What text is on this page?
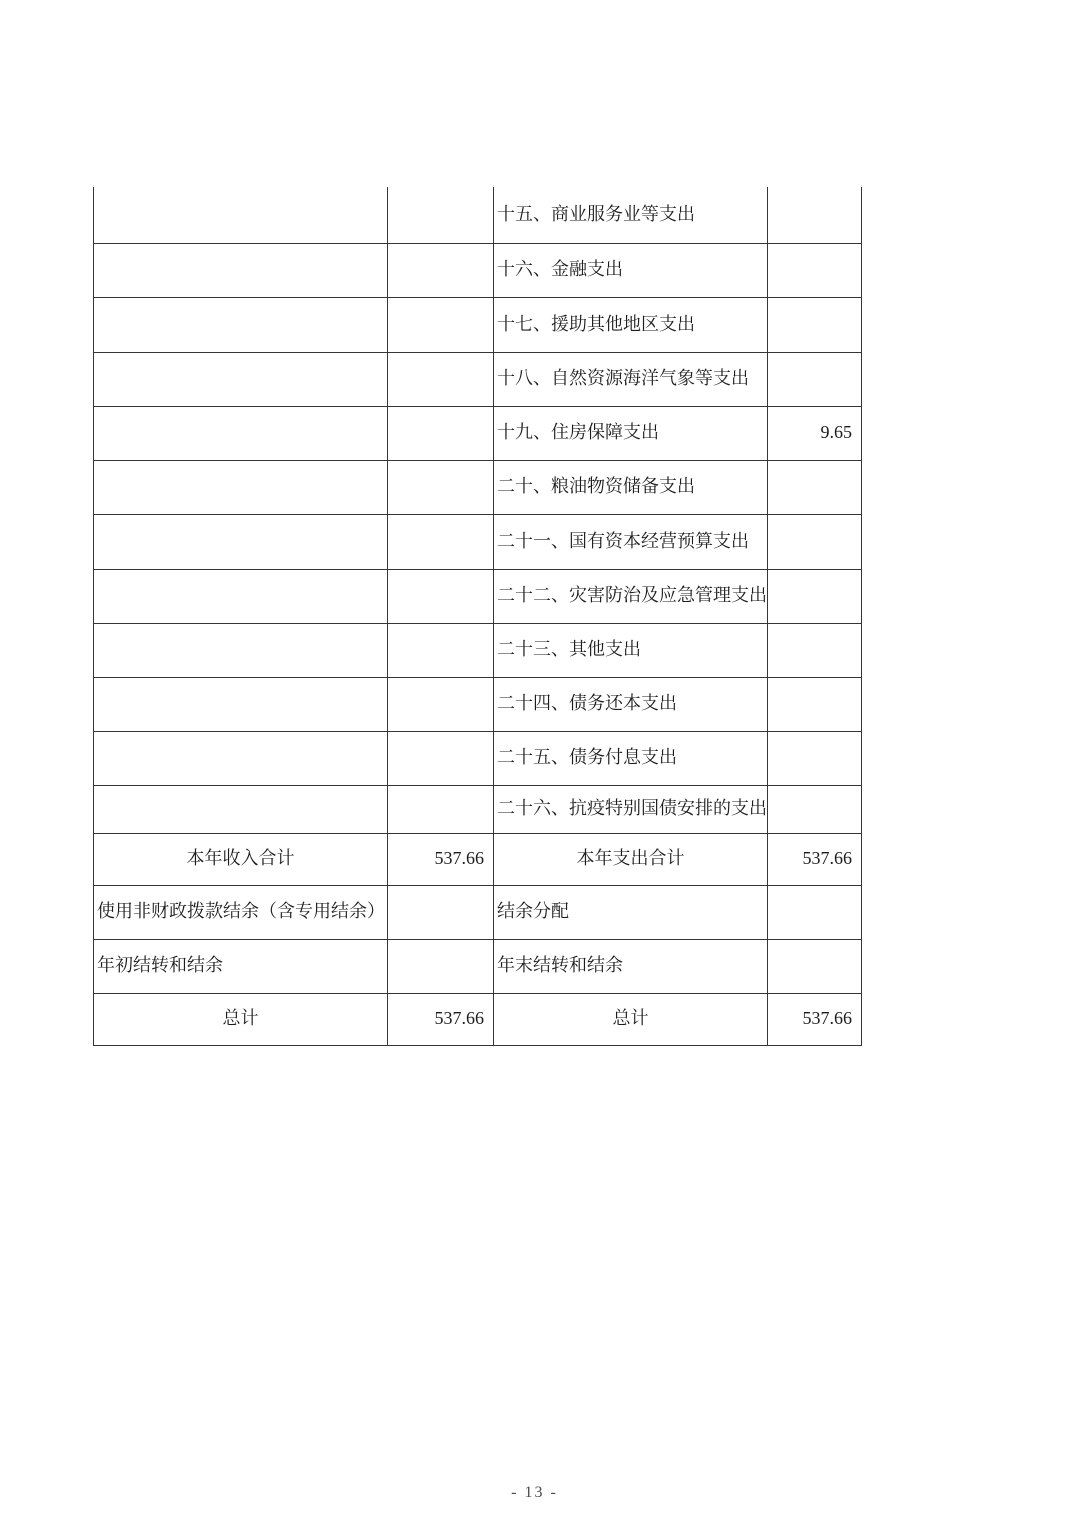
		十五、商业服务业等支出	
		十六、金融支出	
		十七、援助其他地区支出	
		十八、自然资源海洋气象等支出	
		十九、住房保障支出	9.65
		二十、粮油物资储备支出	
		二十一、国有资本经营预算支出	
		二十二、灾害防治及应急管理支出	
		二十三、其他支出	
		二十四、债务还本支出	
		二十五、债务付息支出	
		二十六、抗疫特别国债安排的支出	
本年收入合计	537.66	本年支出合计	537.66
使用非财政拨款结余（含专用结余）		结余分配	
年初结转和结余		年末结转和结余	
总计	537.66	总计	537.66
- 13 -
